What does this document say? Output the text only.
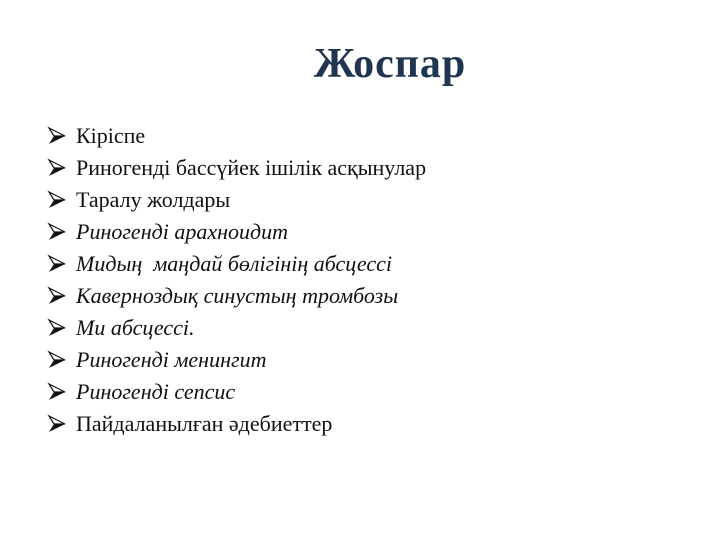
Жоспар
Кіріспе
Риногенді бассүйек ішілік асқынулар
Таралу жолдары
Риногенді арахноидит
Мидың  маңдай бөлігінің абсцессі
Каверноздық синустың тромбозы
Ми абсцессі.
Риногенді менингит
Риногенді сепсис
Пайдаланылған әдебиеттер
